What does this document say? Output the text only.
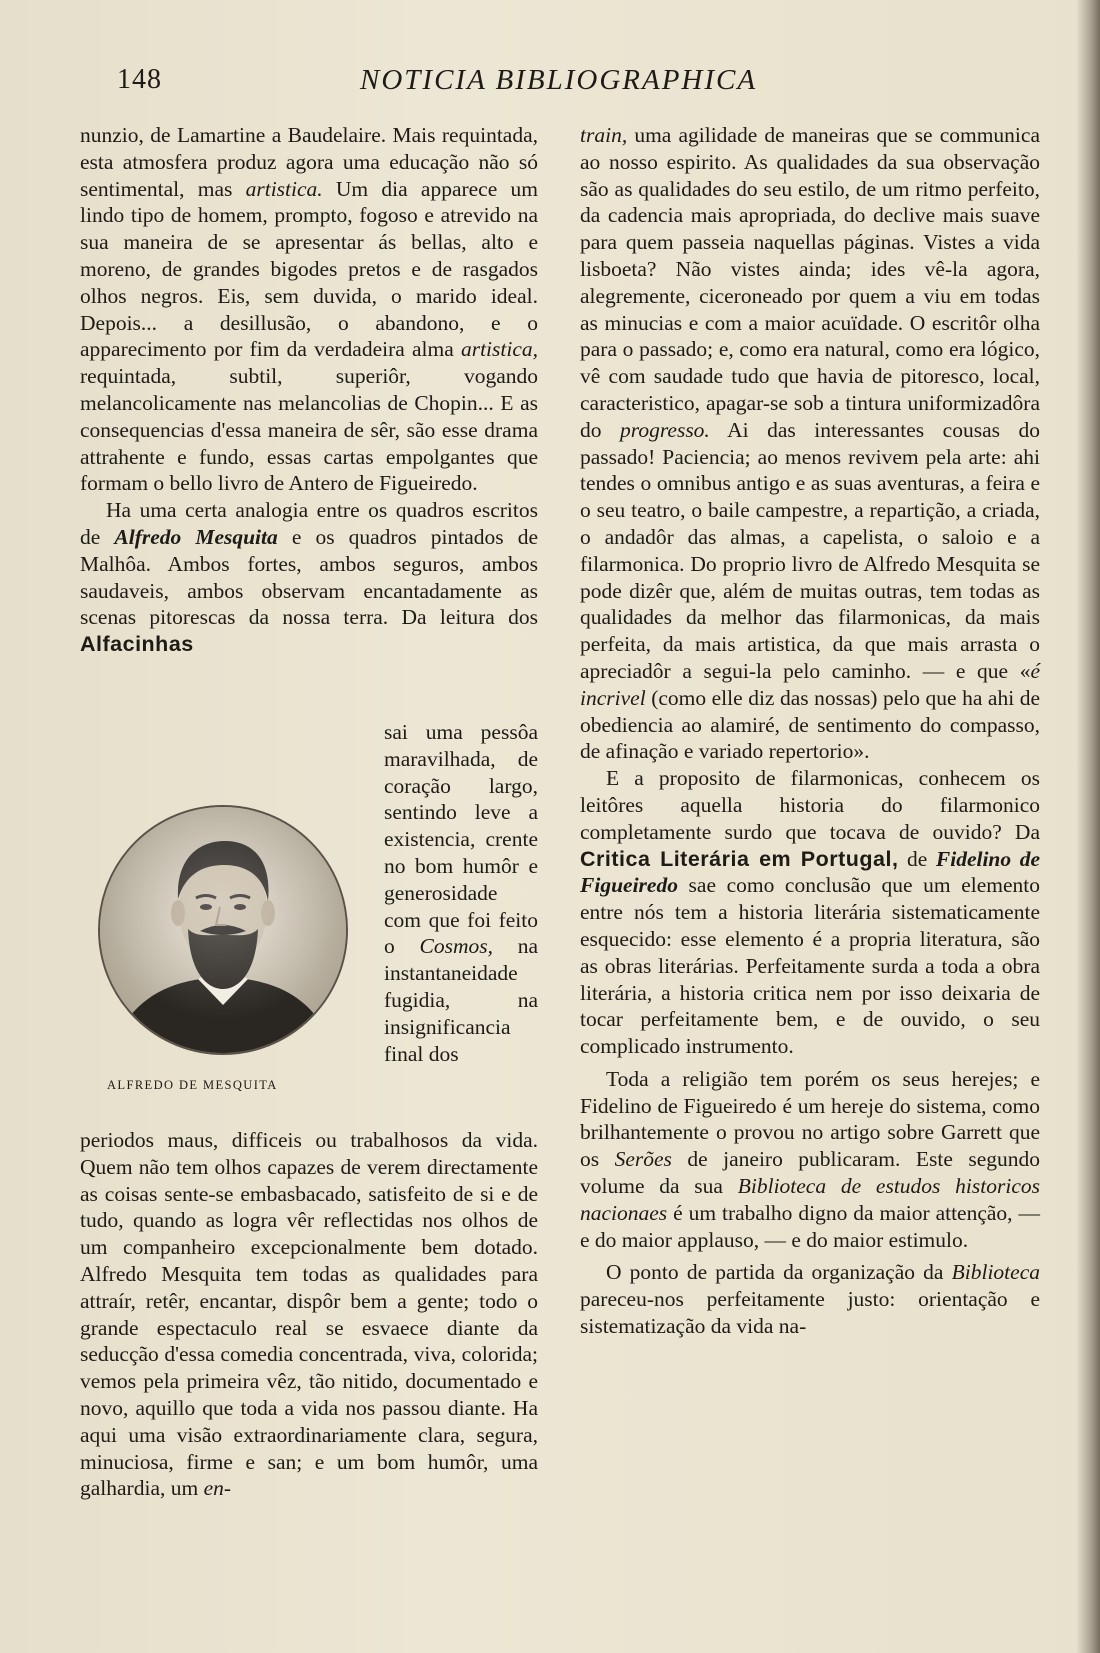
148	NOTICIA BIBLIOGRAPHICA

nunzio, de Lamartine a Baudelaire. Mais requintada, esta atmosfera produz agora uma educação não só sentimental, mas artistica. Um dia apparece um lindo tipo de homem, prompto, fogoso e atrevido na sua maneira de se apresentar ás bellas, alto e moreno, de grandes bigodes pretos e de rasgados olhos negros. Eis, sem duvida, o marido ideal. Depois... a desillusão, o abandono, e o apparecimento por fim da verdadeira alma artistica, requintada, subtil, superiôr, vogando melancolicamente nas melancolias de Chopin... E as consequencias d'essa maneira de sêr, são esse drama attrahente e fundo, essas cartas empolgantes que formam o bello livro de Antero de Figueiredo.

Ha uma certa analogia entre os quadros escritos de Alfredo Mesquita e os quadros pintados de Malhôa. Ambos fortes, ambos seguros, ambos saudaveis, ambos observam encantadamente as scenas pitorescas da nossa terra. Da leitura dos Alfacinhas

sai uma pessôa maravilhada, de coração largo, sentindo leve a existencia, crente no bom humôr e generosidade com que foi feito o Cosmos, na instantaneidade fugidia, na insignificancia final dos
ALFREDO DE MESQUITA

periodos maus, difficeis ou trabalhosos da vida. Quem não tem olhos capazes de verem directamente as coisas sente-se embasbacado, satisfeito de si e de tudo, quando as logra vêr reflectidas nos olhos de um companheiro excepcionalmente bem dotado. Alfredo Mesquita tem todas as qualidades para attraír, retêr, encantar, dispôr bem a gente; todo o grande espectaculo real se esvaece diante da seducção d'essa comedia concentrada, viva, colorida; vemos pela primeira vêz, tão nitido, documentado e novo, aquillo que toda a vida nos passou diante. Ha aqui uma visão extraordinariamente clara, segura, minuciosa, firme e san; e um bom humôr, uma galhardia, um en-

train, uma agilidade de maneiras que se communica ao nosso espirito. As qualidades da sua observação são as qualidades do seu estilo, de um ritmo perfeito, da cadencia mais apropriada, do declive mais suave para quem passeia naquellas páginas. Vistes a vida lisboeta? Não vistes ainda; ides vê-la agora, alegremente, ciceroneado por quem a viu em todas as minucias e com a maior acuïdade. O escritôr olha para o passado; e, como era natural, como era lógico, vê com saudade tudo que havia de pitoresco, local, caracteristico, apagar-se sob a tintura uniformizadôra do progresso. Ai das interessantes cousas do passado! Paciencia; ao menos revivem pela arte: ahi tendes o omnibus antigo e as suas aventuras, a feira e o seu teatro, o baile campestre, a repartição, a criada, o andadôr das almas, a capelista, o saloio e a filarmonica. Do proprio livro de Alfredo Mesquita se pode dizêr que, além de muitas outras, tem todas as qualidades da melhor das filarmonicas, da mais perfeita, da mais artistica, da que mais arrasta o apreciadôr a segui-la pelo caminho. — e que «é incrivel (como elle diz das nossas) pelo que ha ahi de obediencia ao alamiré, de sentimento do compasso, de afinação e variado repertorio».

E a proposito de filarmonicas, conhecem os leitôres aquella historia do filarmonico completamente surdo que tocava de ouvido? Da Critica Literária em Portugal, de Fidelino de Figueiredo sae como conclusão que um elemento entre nós tem a historia literária sistematicamente esquecido: esse elemento é a propria literatura, são as obras literárias. Perfeitamente surda a toda a obra literária, a historia critica nem por isso deixaria de tocar perfeitamente bem, e de ouvido, o seu complicado instrumento.

Toda a religião tem porém os seus herejes; e Fidelino de Figueiredo é um hereje do sistema, como brilhantemente o provou no artigo sobre Garrett que os Serões de janeiro publicaram. Este segundo volume da sua Biblioteca de estudos historicos nacionaes é um trabalho digno da maior attenção, — e do maior applauso, — e do maior estimulo.

O ponto de partida da organização da Biblioteca pareceu-nos perfeitamente justo: orientação e sistematização da vida na-
